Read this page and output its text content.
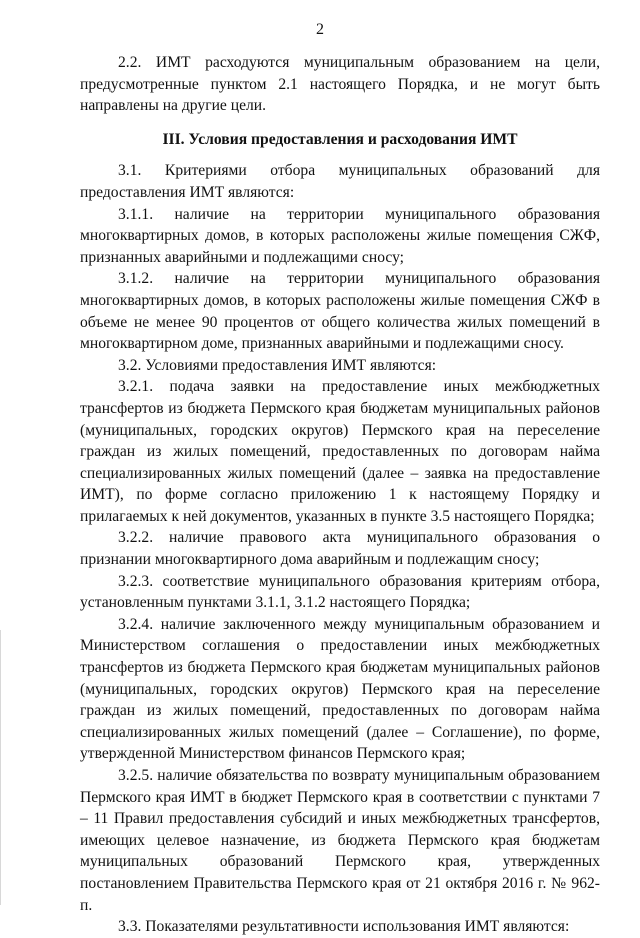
2

2.2. ИМТ расходуются муниципальным образованием на цели, предусмотренные пунктом 2.1 настоящего Порядка, и не могут быть направлены на другие цели.

III. Условия предоставления и расходования ИМТ

3.1. Критериями отбора муниципальных образований для предоставления ИМТ являются:

3.1.1. наличие на территории муниципального образования многоквартирных домов, в которых расположены жилые помещения СЖФ, признанных аварийными и подлежащими сносу;

3.1.2. наличие на территории муниципального образования многоквартирных домов, в которых расположены жилые помещения СЖФ в объеме не менее 90 процентов от общего количества жилых помещений в многоквартирном доме, признанных аварийными и подлежащими сносу.

3.2. Условиями предоставления ИМТ являются:

3.2.1. подача заявки на предоставление иных межбюджетных трансфертов из бюджета Пермского края бюджетам муниципальных районов (муниципальных, городских округов) Пермского края на переселение граждан из жилых помещений, предоставленных по договорам найма специализированных жилых помещений (далее – заявка на предоставление ИМТ), по форме согласно приложению 1 к настоящему Порядку и прилагаемых к ней документов, указанных в пункте 3.5 настоящего Порядка;

3.2.2. наличие правового акта муниципального образования о признании многоквартирного дома аварийным и подлежащим сносу;

3.2.3. соответствие муниципального образования критериям отбора, установленным пунктами 3.1.1, 3.1.2 настоящего Порядка;

3.2.4. наличие заключенного между муниципальным образованием и Министерством соглашения о предоставлении иных межбюджетных трансфертов из бюджета Пермского края бюджетам муниципальных районов (муниципальных, городских округов) Пермского края на переселение граждан из жилых помещений, предоставленных по договорам найма специализированных жилых помещений (далее – Соглашение), по форме, утвержденной Министерством финансов Пермского края;

3.2.5. наличие обязательства по возврату муниципальным образованием Пермского края ИМТ в бюджет Пермского края в соответствии с пунктами 7 – 11 Правил предоставления субсидий и иных межбюджетных трансфертов, имеющих целевое назначение, из бюджета Пермского края бюджетам муниципальных образований Пермского края, утвержденных постановлением Правительства Пермского края от 21 октября 2016 г. № 962-п.

3.3. Показателями результативности использования ИМТ являются:
